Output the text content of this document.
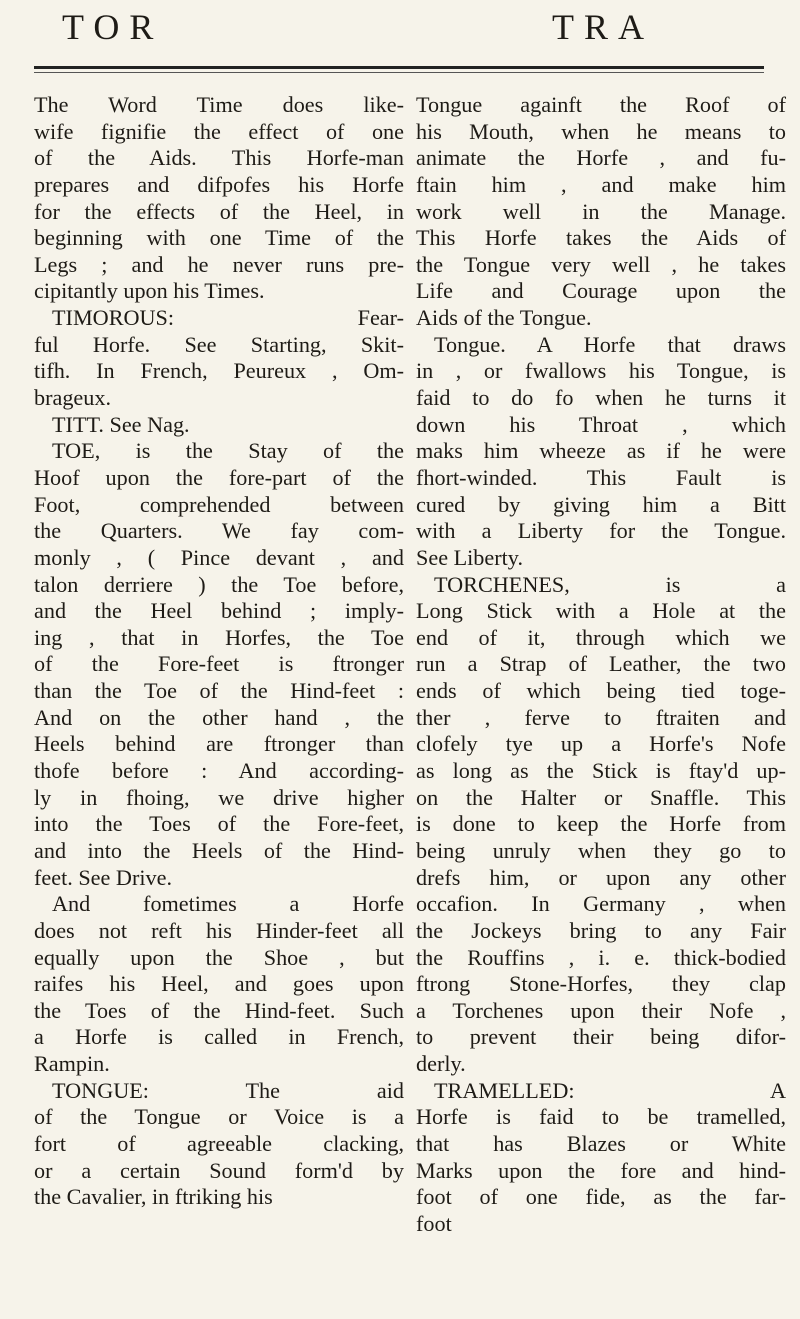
TOR	TRA
The Word Time does like-
wife fignifie the effect of one
of the Aids. This Horfe-man
prepares and difpofes his Horfe
for the effects of the Heel, in
beginning with one Time of the
Legs ; and he never runs pre-
cipitantly upon his Times.
TIMOROUS: Fear-
ful Horfe. See Starting, Skit-
tifh. In French, Peureux , Om-
brageux.
TITT. See Nag.
TOE, is the Stay of the
Hoof upon the fore-part of the
Foot, comprehended between
the Quarters. We fay com-
monly , ( Pince devant , and
talon derriere ) the Toe before,
and the Heel behind ; imply-
ing , that in Horfes, the Toe
of the Fore-feet is ftronger
than the Toe of the Hind-feet :
And on the other hand , the
Heels behind are ftronger than
thofe before : And according-
ly in fhoing, we drive higher
into the Toes of the Fore-feet,
and into the Heels of the Hind-
feet. See Drive.
And fometimes a Horfe
does not reft his Hinder-feet all
equally upon the Shoe , but
raifes his Heel, and goes upon
the Toes of the Hind-feet. Such
a Horfe is called in French,
Rampin.
TONGUE: The aid
of the Tongue or Voice is a
fort of agreeable clacking,
or a certain Sound form'd by
the Cavalier, in ftriking his
Tongue againft the Roof of
his Mouth, when he means to
animate the Horfe , and fu-
ftain him , and make him
work well in the Manage.
This Horfe takes the Aids of
the Tongue very well , he takes
Life and Courage upon the
Aids of the Tongue.
Tongue. A Horfe that draws
in , or fwallows his Tongue, is
faid to do fo when he turns it
down his Throat , which
maks him wheeze as if he were
fhort-winded. This Fault is
cured by giving him a Bitt
with a Liberty for the Tongue.
See Liberty.
TORCHENES, is a
Long Stick with a Hole at the
end of it, through which we
run a Strap of Leather, the two
ends of which being tied toge-
ther , ferve to ftraiten and
clofely tye up a Horfe's Nofe
as long as the Stick is ftay'd up-
on the Halter or Snaffle. This
is done to keep the Horfe from
being unruly when they go to
drefs him, or upon any other
occafion. In Germany , when
the Jockeys bring to any Fair
the Rouffins , i. e. thick-bodied
ftrong Stone-Horfes, they clap
a Torchenes upon their Nofe ,
to prevent their being difor-
derly.
TRAMELLED: A
Horfe is faid to be tramelled,
that has Blazes or White
Marks upon the fore and hind-
foot of one fide, as the far-
foot
